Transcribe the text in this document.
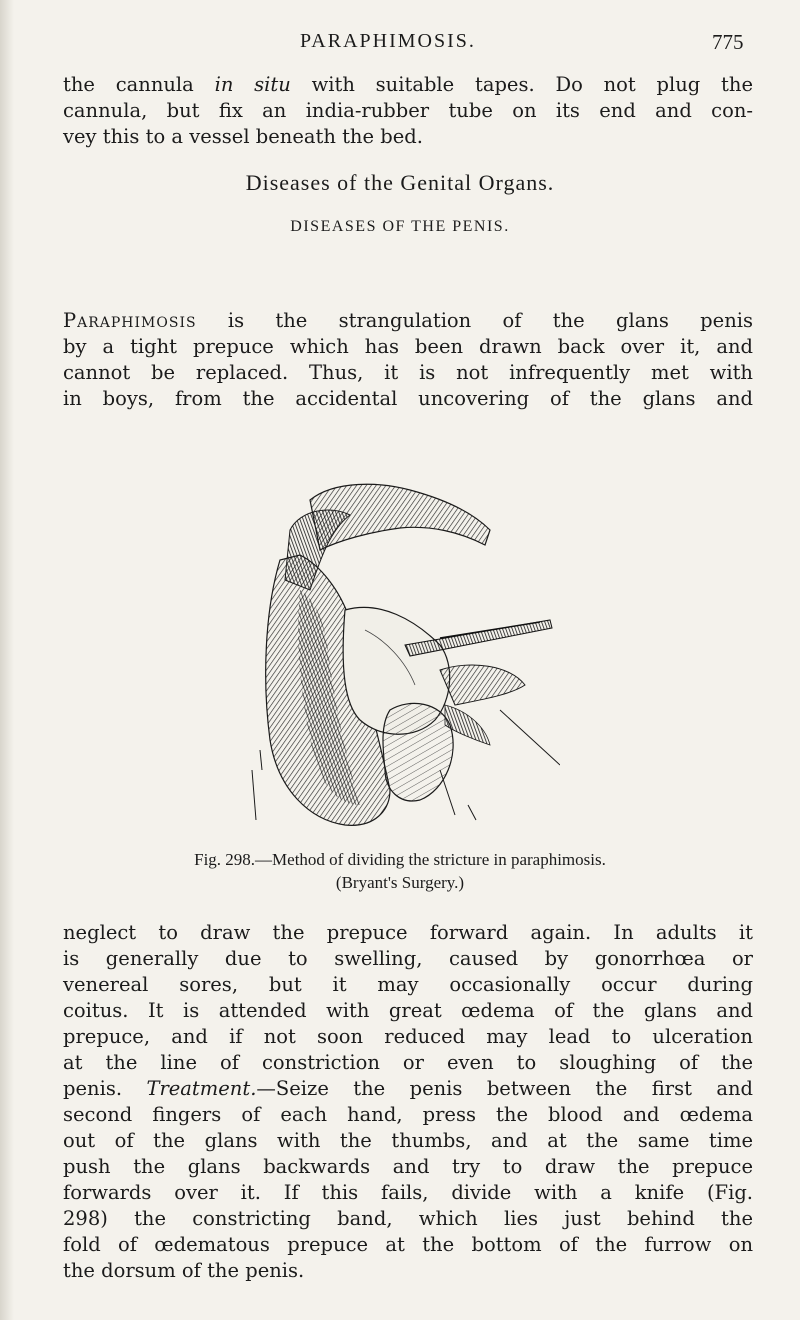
PARAPHIMOSIS.	775

the cannula in situ with suitable tapes. Do not plug the
cannula, but fix an india-rubber tube on its end and con-
vey this to a vessel beneath the bed.

Diseases of the Genital Organs.
DISEASES OF THE PENIS.

Paraphimosis is the strangulation of the glans penis
by a tight prepuce which has been drawn back over it, and
cannot be replaced. Thus, it is not infrequently met with
in boys, from the accidental uncovering of the glans and

Fig. 298.—Method of dividing the stricture in paraphimosis.
(Bryant's Surgery.)

neglect to draw the prepuce forward again. In adults it
is generally due to swelling, caused by gonorrhœa or
venereal sores, but it may occasionally occur during
coitus. It is attended with great œdema of the glans and
prepuce, and if not soon reduced may lead to ulceration
at the line of constriction or even to sloughing of the
penis. Treatment.—Seize the penis between the first and
second fingers of each hand, press the blood and œdema
out of the glans with the thumbs, and at the same time
push the glans backwards and try to draw the prepuce
forwards over it. If this fails, divide with a knife (Fig.
298) the constricting band, which lies just behind the
fold of œdematous prepuce at the bottom of the furrow on
the dorsum of the penis.
